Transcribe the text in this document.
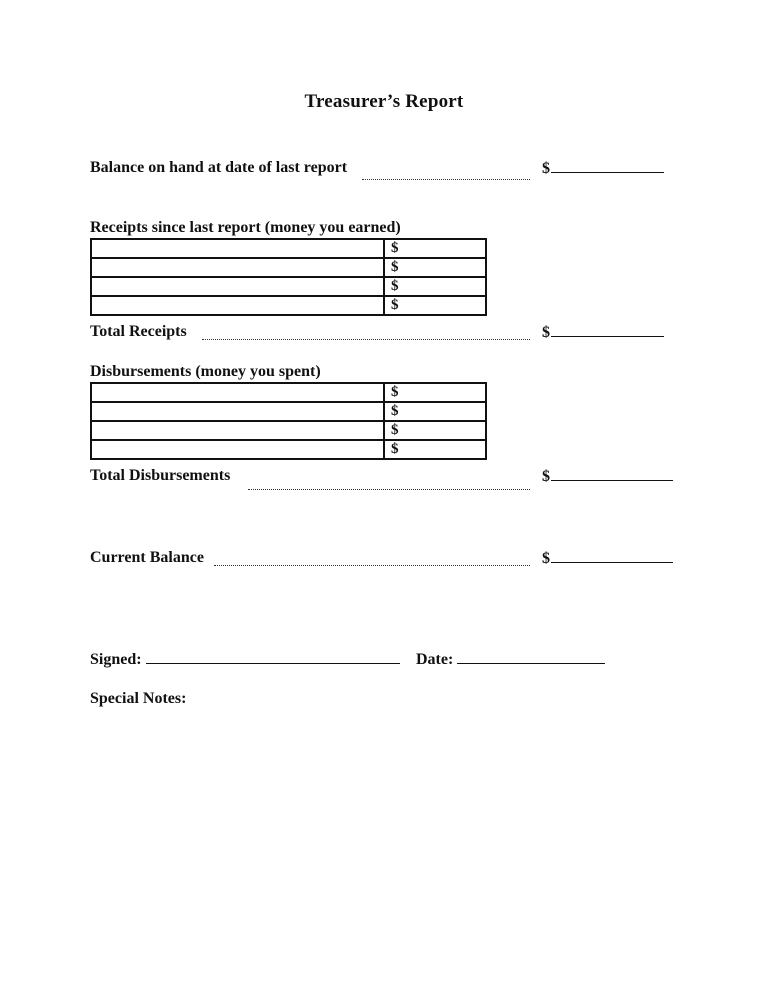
Treasurer’s Report
Balance on hand at date of last report	$
Receipts since last report (money you earned)
	$
	$
	$
	$
Total Receipts	$
Disbursements (money you spent)
	$
	$
	$
	$
Total Disbursements	$
Current Balance	$
Signed:	Date:
Special Notes:
